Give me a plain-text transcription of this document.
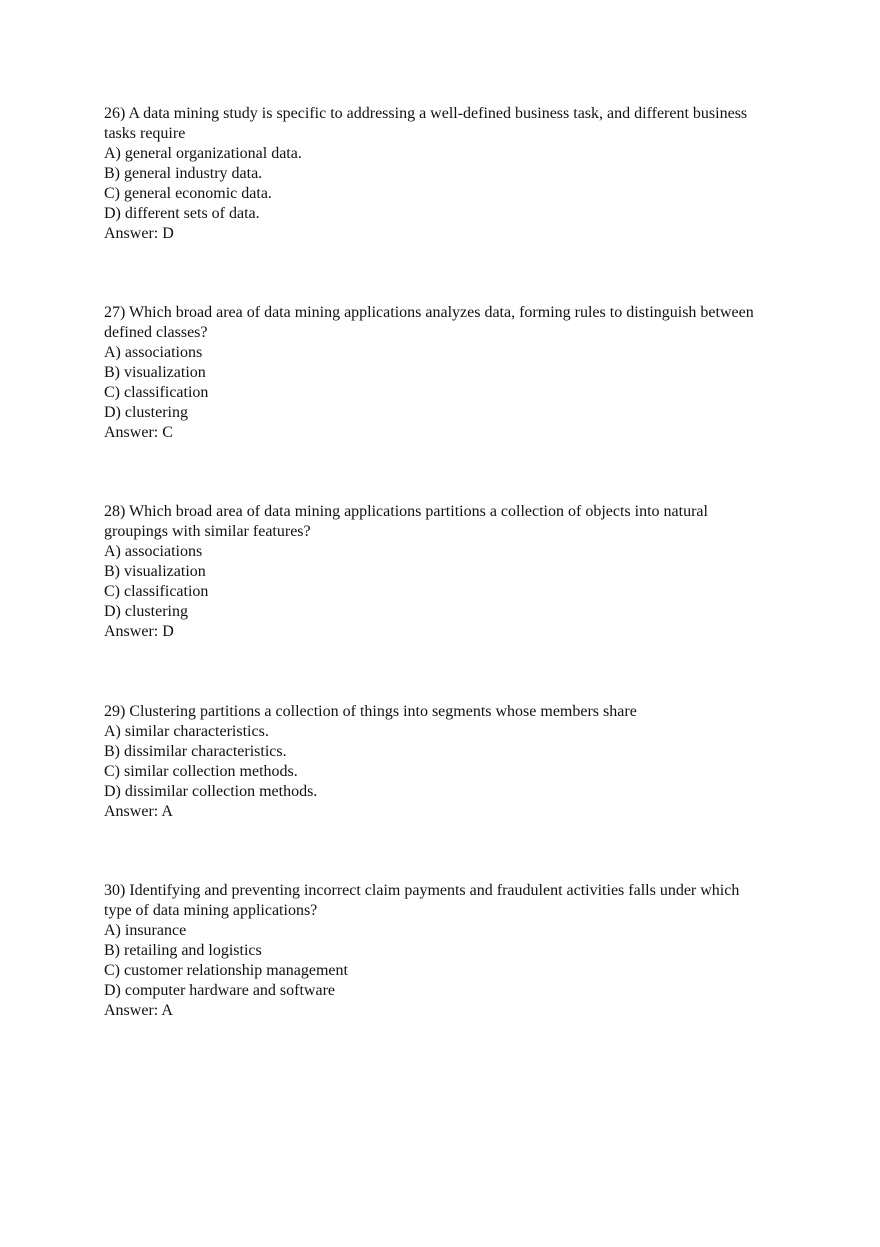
26) A data mining study is specific to addressing a well-defined business task, and different business tasks require
A) general organizational data.
B) general industry data.
C) general economic data.
D) different sets of data.
Answer: D
27) Which broad area of data mining applications analyzes data, forming rules to distinguish between defined classes?
A) associations
B) visualization
C) classification
D) clustering
Answer: C
28) Which broad area of data mining applications partitions a collection of objects into natural groupings with similar features?
A) associations
B) visualization
C) classification
D) clustering
Answer: D
29) Clustering partitions a collection of things into segments whose members share
A) similar characteristics.
B) dissimilar characteristics.
C) similar collection methods.
D) dissimilar collection methods.
Answer: A
30) Identifying and preventing incorrect claim payments and fraudulent activities falls under which type of data mining applications?
A) insurance
B) retailing and logistics
C) customer relationship management
D) computer hardware and software
Answer: A
